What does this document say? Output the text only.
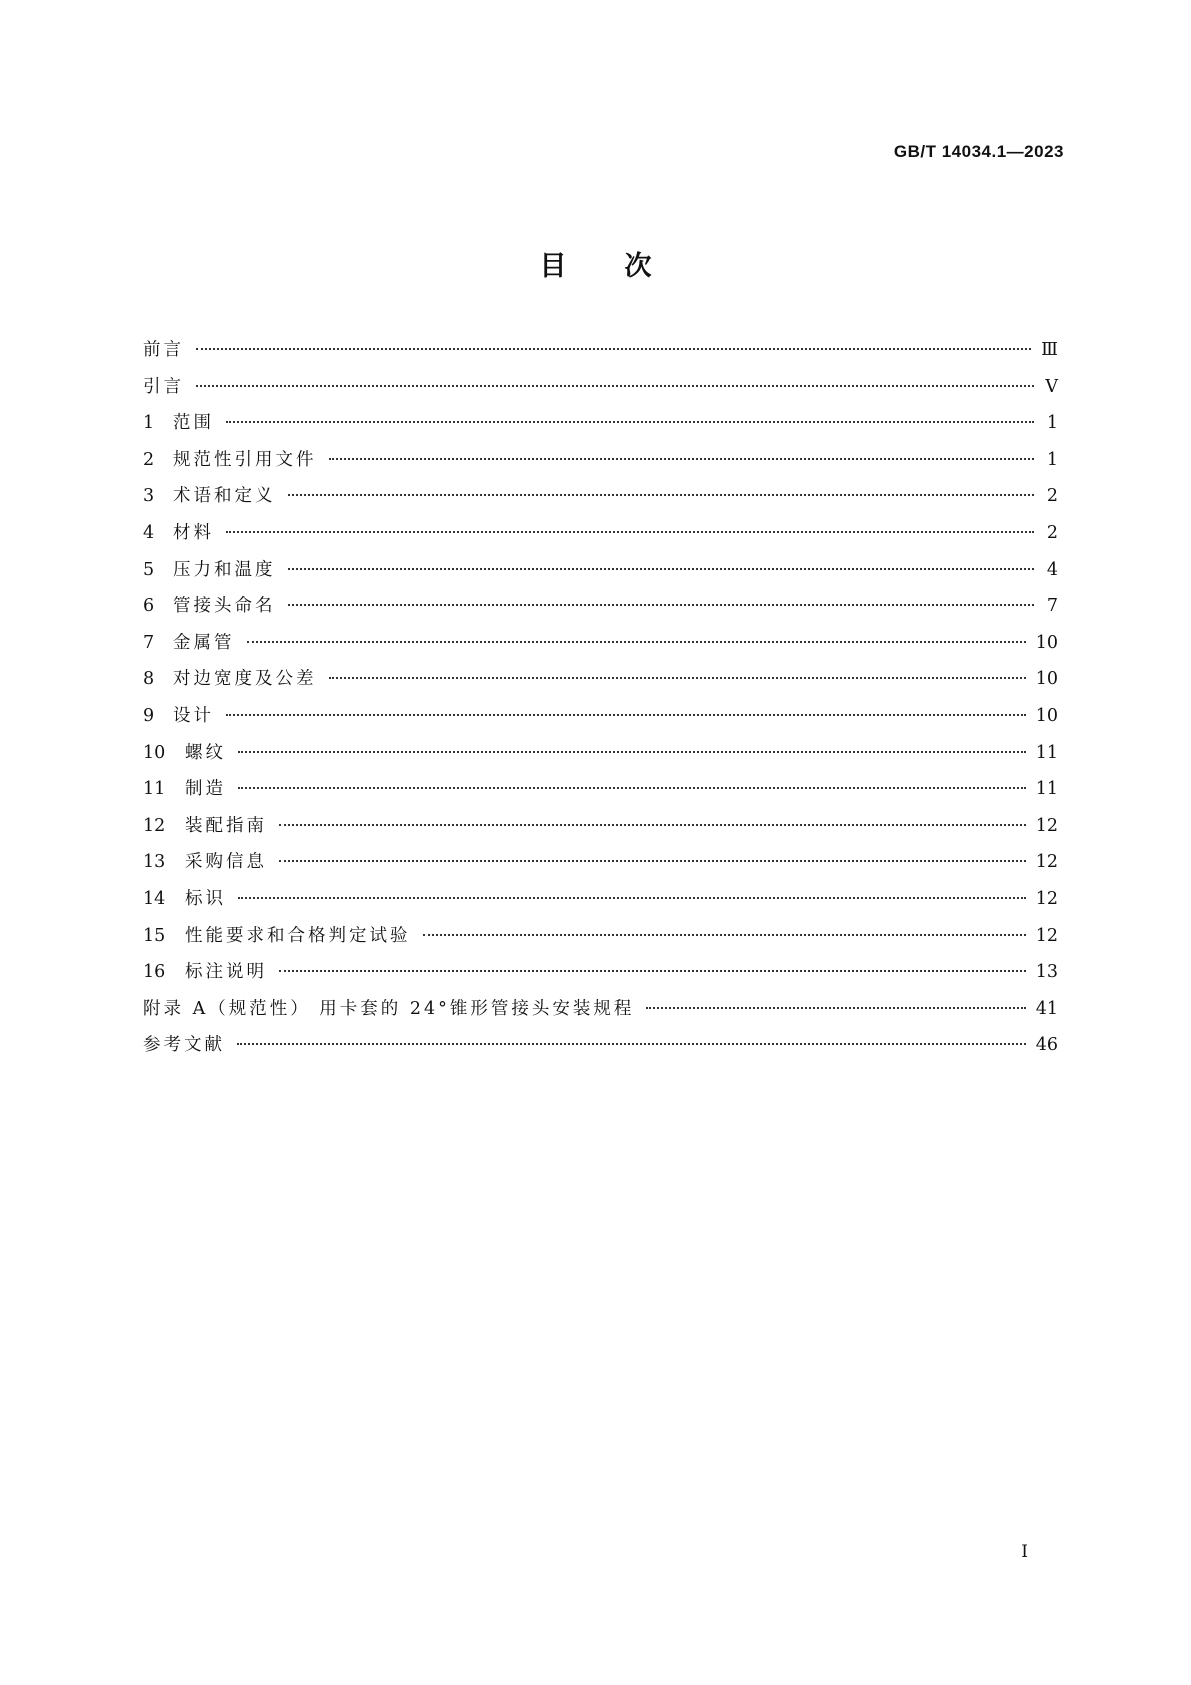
GB/T 14034.1—2023
目次
前言	Ⅲ
引言	Ⅴ
1	范围	1
2	规范性引用文件	1
3	术语和定义	2
4	材料	2
5	压力和温度	4
6	管接头命名	7
7	金属管	10
8	对边宽度及公差	10
9	设计	10
10	螺纹	11
11	制造	11
12	装配指南	12
13	采购信息	12
14	标识	12
15	性能要求和合格判定试验	12
16	标注说明	13
附录 A（规范性） 用卡套的 24°锥形管接头安装规程	41
参考文献	46
Ⅰ
